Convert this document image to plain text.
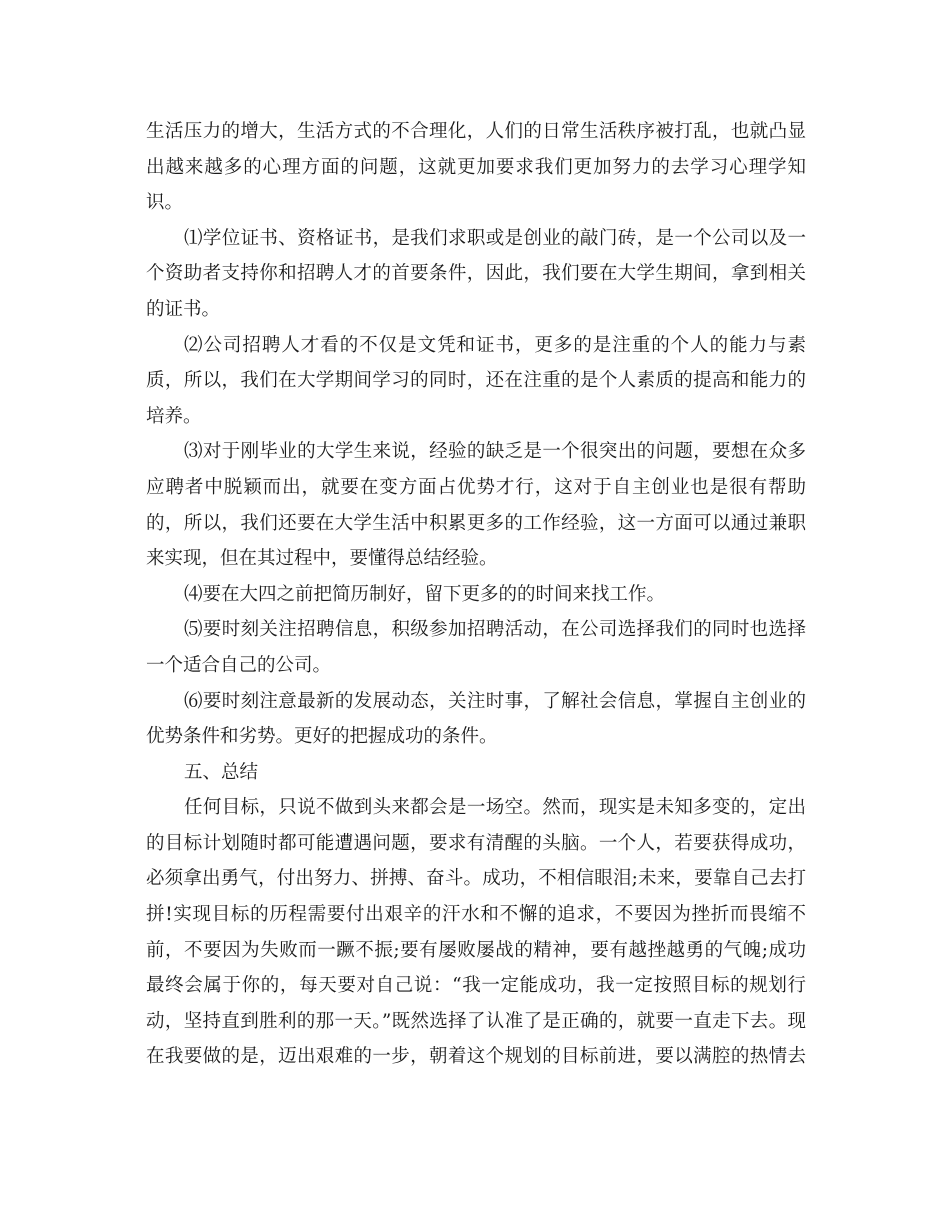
生活压力的增大，生活方式的不合理化，人们的日常生活秩序被打乱，也就凸显
出越来越多的心理方面的问题，这就更加要求我们更加努力的去学习心理学知
识。
⑴学位证书、资格证书，是我们求职或是创业的敲门砖，是一个公司以及一
个资助者支持你和招聘人才的首要条件，因此，我们要在大学生期间，拿到相关
的证书。
⑵公司招聘人才看的不仅是文凭和证书，更多的是注重的个人的能力与素
质，所以，我们在大学期间学习的同时，还在注重的是个人素质的提高和能力的
培养。
⑶对于刚毕业的大学生来说，经验的缺乏是一个很突出的问题，要想在众多
应聘者中脱颖而出，就要在变方面占优势才行，这对于自主创业也是很有帮助
的，所以，我们还要在大学生活中积累更多的工作经验，这一方面可以通过兼职
来实现，但在其过程中，要懂得总结经验。
⑷要在大四之前把简历制好，留下更多的的时间来找工作。
⑸要时刻关注招聘信息，积级参加招聘活动，在公司选择我们的同时也选择
一个适合自己的公司。
⑹要时刻注意最新的发展动态，关注时事，了解社会信息，掌握自主创业的
优势条件和劣势。更好的把握成功的条件。
五、总结
任何目标，只说不做到头来都会是一场空。然而，现实是未知多变的，定出
的目标计划随时都可能遭遇问题，要求有清醒的头脑。一个人，若要获得成功，
必须拿出勇气，付出努力、拼搏、奋斗。成功，不相信眼泪;未来，要靠自己去打
拼!实现目标的历程需要付出艰辛的汗水和不懈的追求，不要因为挫折而畏缩不
前，不要因为失败而一蹶不振;要有屡败屡战的精神，要有越挫越勇的气魄;成功
最终会属于你的，每天要对自己说：“我一定能成功，我一定按照目标的规划行
动，坚持直到胜利的那一天。”既然选择了认准了是正确的，就要一直走下去。现
在我要做的是，迈出艰难的一步，朝着这个规划的目标前进，要以满腔的热情去
